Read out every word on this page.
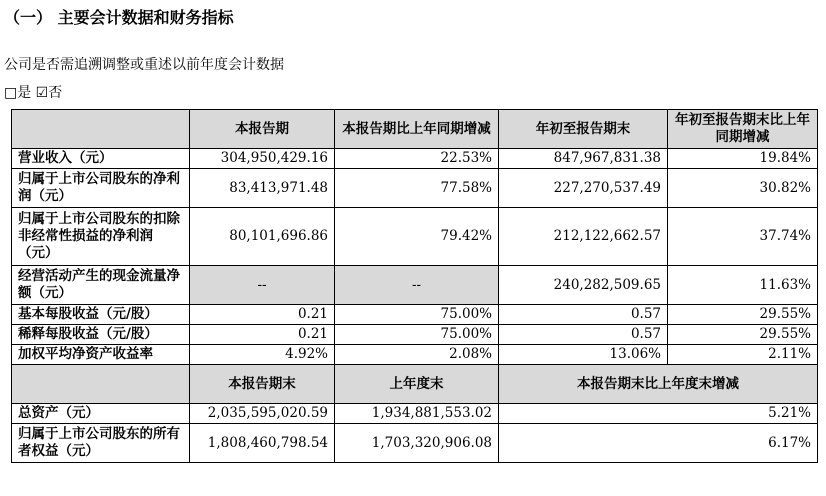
（一） 主要会计数据和财务指标
公司是否需追溯调整或重述以前年度会计数据
□是 ☑否
	本报告期	本报告期比上年同期增减	年初至报告期末	年初至报告期末比上年同期增减
营业收入（元）	304,950,429.16	22.53%	847,967,831.38	19.84%
归属于上市公司股东的净利润（元）	83,413,971.48	77.58%	227,270,537.49	30.82%
归属于上市公司股东的扣除非经常性损益的净利润（元）	80,101,696.86	79.42%	212,122,662.57	37.74%
经营活动产生的现金流量净额（元）	--	--	240,282,509.65	11.63%
基本每股收益（元/股）	0.21	75.00%	0.57	29.55%
稀释每股收益（元/股）	0.21	75.00%	0.57	29.55%
加权平均净资产收益率	4.92%	2.08%	13.06%	2.11%
	本报告期末	上年度末	本报告期末比上年度末增减	
总资产（元）	2,035,595,020.59	1,934,881,553.02	5.21%	
归属于上市公司股东的所有者权益（元）	1,808,460,798.54	1,703,320,906.08	6.17%	
